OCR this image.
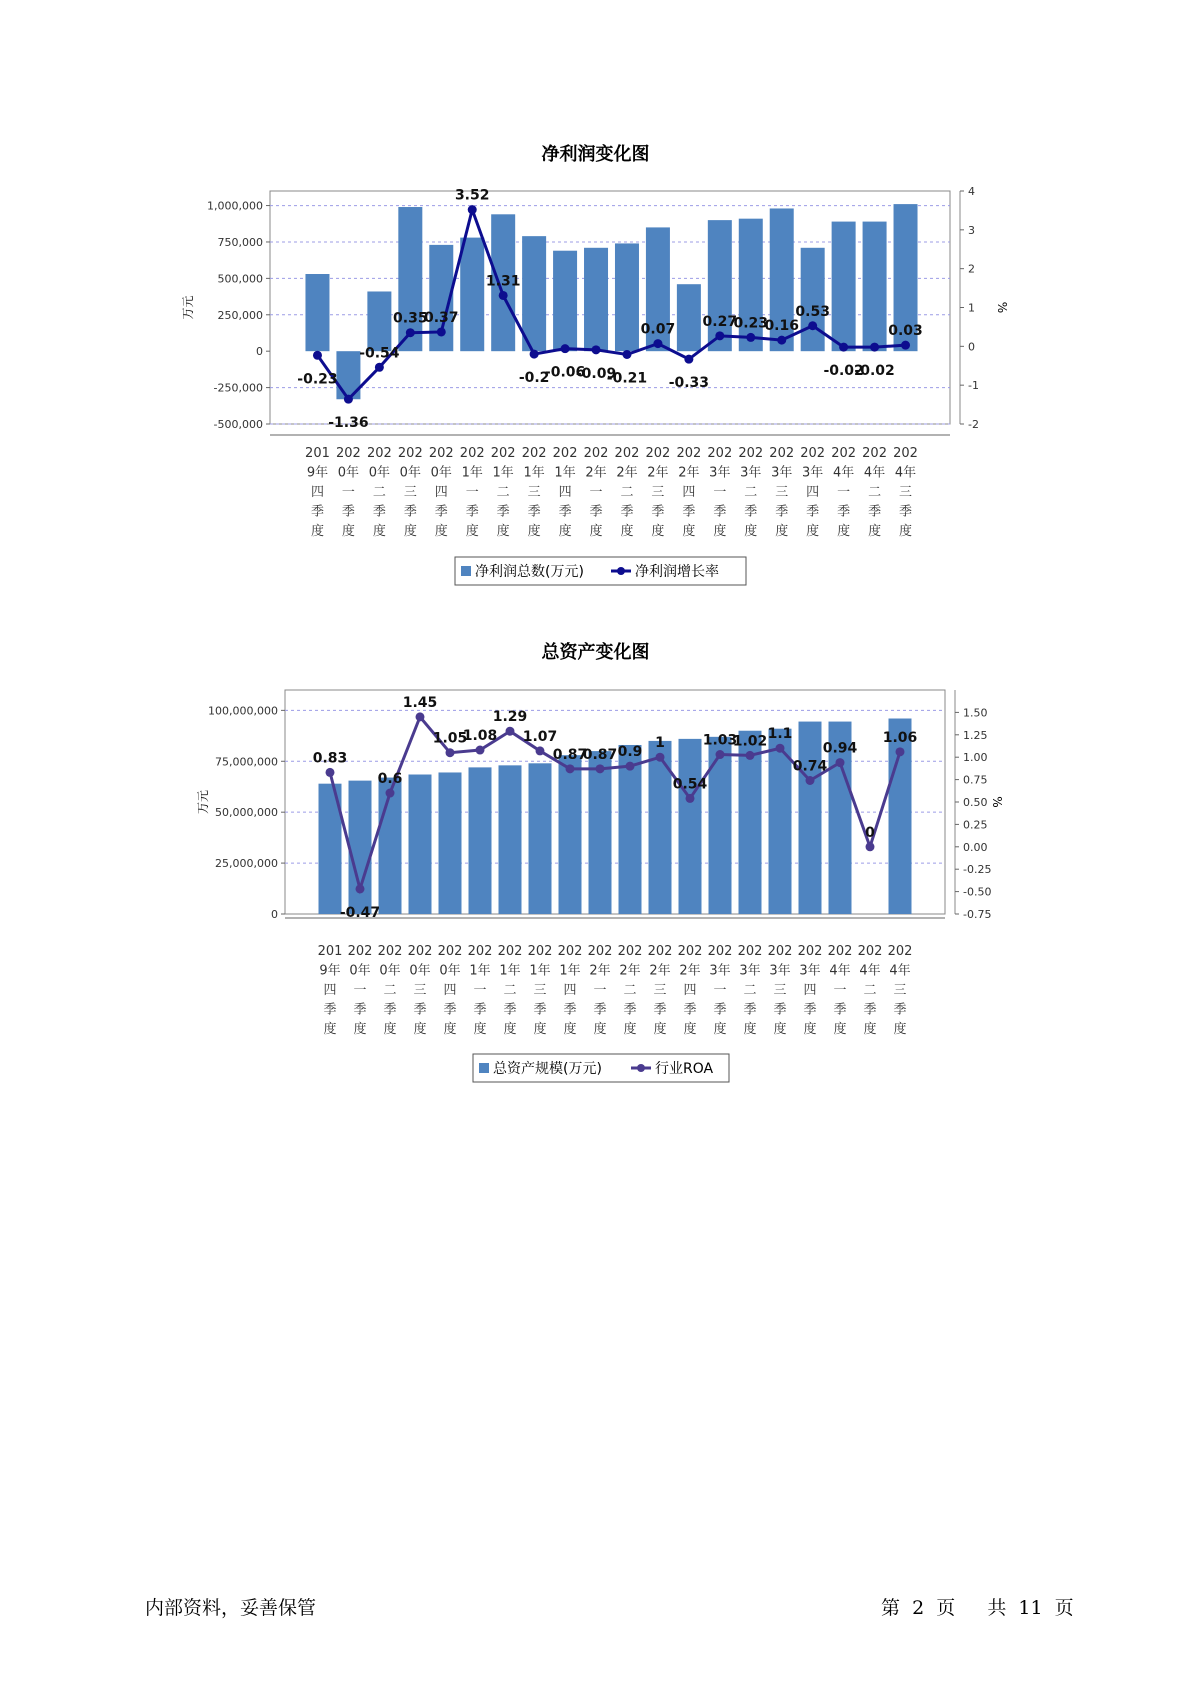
净利润变化图
1,000,000
750,000
500,000
250,000
0
-250,000
-500,000
4
3
2
1
0
-1
-2
万元	%
201
9年
四
季
度
202
0年
一
季
度
202
0年
二
季
度
202
0年
三
季
度
202
0年
四
季
度
202
1年
一
季
度
202
1年
二
季
度
202
1年
三
季
度
202
1年
四
季
度
202
2年
一
季
度
202
2年
二
季
度
202
2年
三
季
度
202
2年
四
季
度
202
3年
一
季
度
202
3年
二
季
度
202
3年
三
季
度
202
3年
四
季
度
202
4年
一
季
度
202
4年
二
季
度
202
4年
三
季
度
-0.23
-1.36
-0.54
0.35
0.37
3.52
1.31
-0.2
-0.06
-0.09
-0.21
0.07
-0.33
0.27
0.23
0.16
0.53
-0.02
-0.02
0.03
净利润总数(万元)	净利润增长率
总资产变化图
100,000,000
75,000,000
50,000,000
25,000,000
0
1.50
1.25
1.00
0.75
0.50
0.25
0.00
-0.25
-0.50
-0.75
万元	%
201
9年
四
季
度
202
0年
一
季
度
202
0年
二
季
度
202
0年
三
季
度
202
0年
四
季
度
202
1年
一
季
度
202
1年
二
季
度
202
1年
三
季
度
202
1年
四
季
度
202
2年
一
季
度
202
2年
二
季
度
202
2年
三
季
度
202
2年
四
季
度
202
3年
一
季
度
202
3年
二
季
度
202
3年
三
季
度
202
3年
四
季
度
202
4年
一
季
度
202
4年
二
季
度
202
4年
三
季
度
0.83
-0.47
0.6
1.45
1.05
1.08
1.29
1.07
0.87
0.87 0.9
1
0.54
1.03
1.02 1.1
0.74
0.94
0
1.06
总资产规模(万元)	行业ROA
内部资料，妥善保管	第 2 页 共 11 页
